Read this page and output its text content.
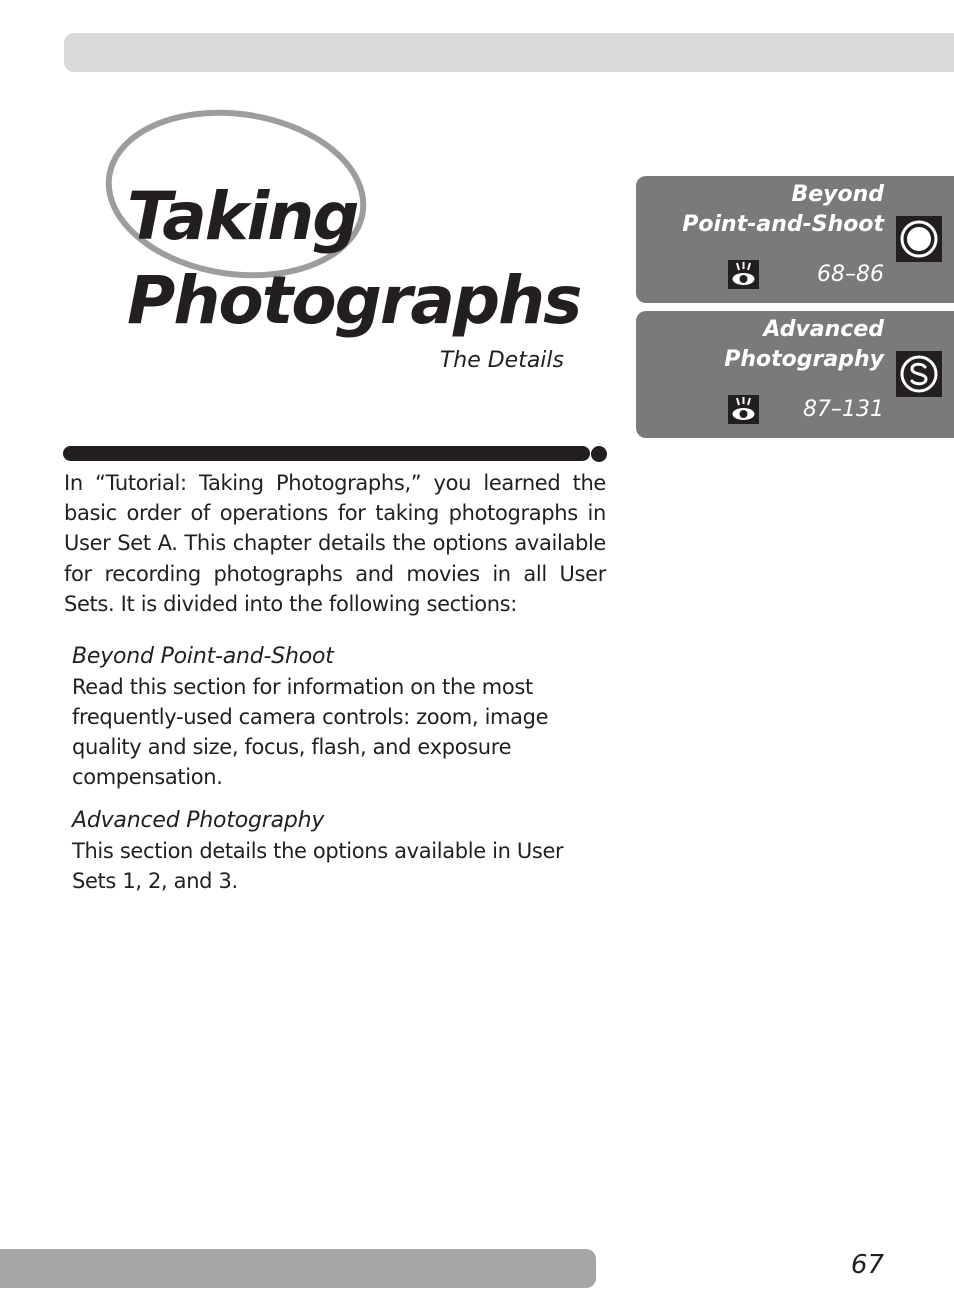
Taking
Photographs
The Details
In “Tutorial: Taking Photographs,” you learned the basic order of operations for taking photographs in User Set A. This chapter details the options available for recording photographs and movies in all User Sets. It is divided into the following sections:
Beyond Point-and-Shoot

Read this section for information on the most frequently-used camera controls: zoom, image quality and size, focus, flash, and exposure compensation.

Advanced Photography

This section details the options available in User Sets 1, 2, and 3.

Beyond
Point-and-Shoot
68–86
Advanced
Photography
87–131
67
